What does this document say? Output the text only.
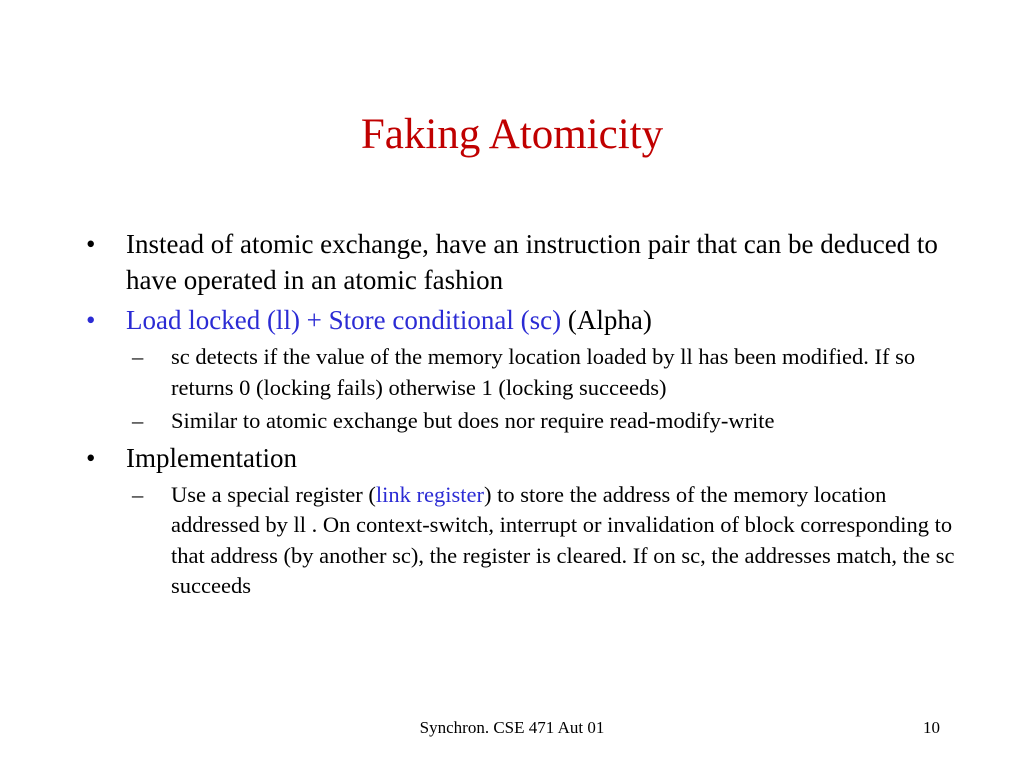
Faking Atomicity
•	Instead of atomic exchange, have an instruction pair that can be deduced to have operated in an atomic fashion
•	Load locked (ll) + Store conditional (sc) (Alpha)
–	sc detects if the value of the memory location loaded by ll has been modified. If so returns 0 (locking fails) otherwise 1 (locking succeeds)
–	Similar to atomic exchange but does nor require read-modify-write
•	Implementation
–	Use a special register (link register) to store the address of the memory location addressed by ll . On context-switch, interrupt or invalidation of block corresponding to that address (by another sc), the register is cleared. If on sc, the addresses match, the sc succeeds
Synchron. CSE 471 Aut 01	10
